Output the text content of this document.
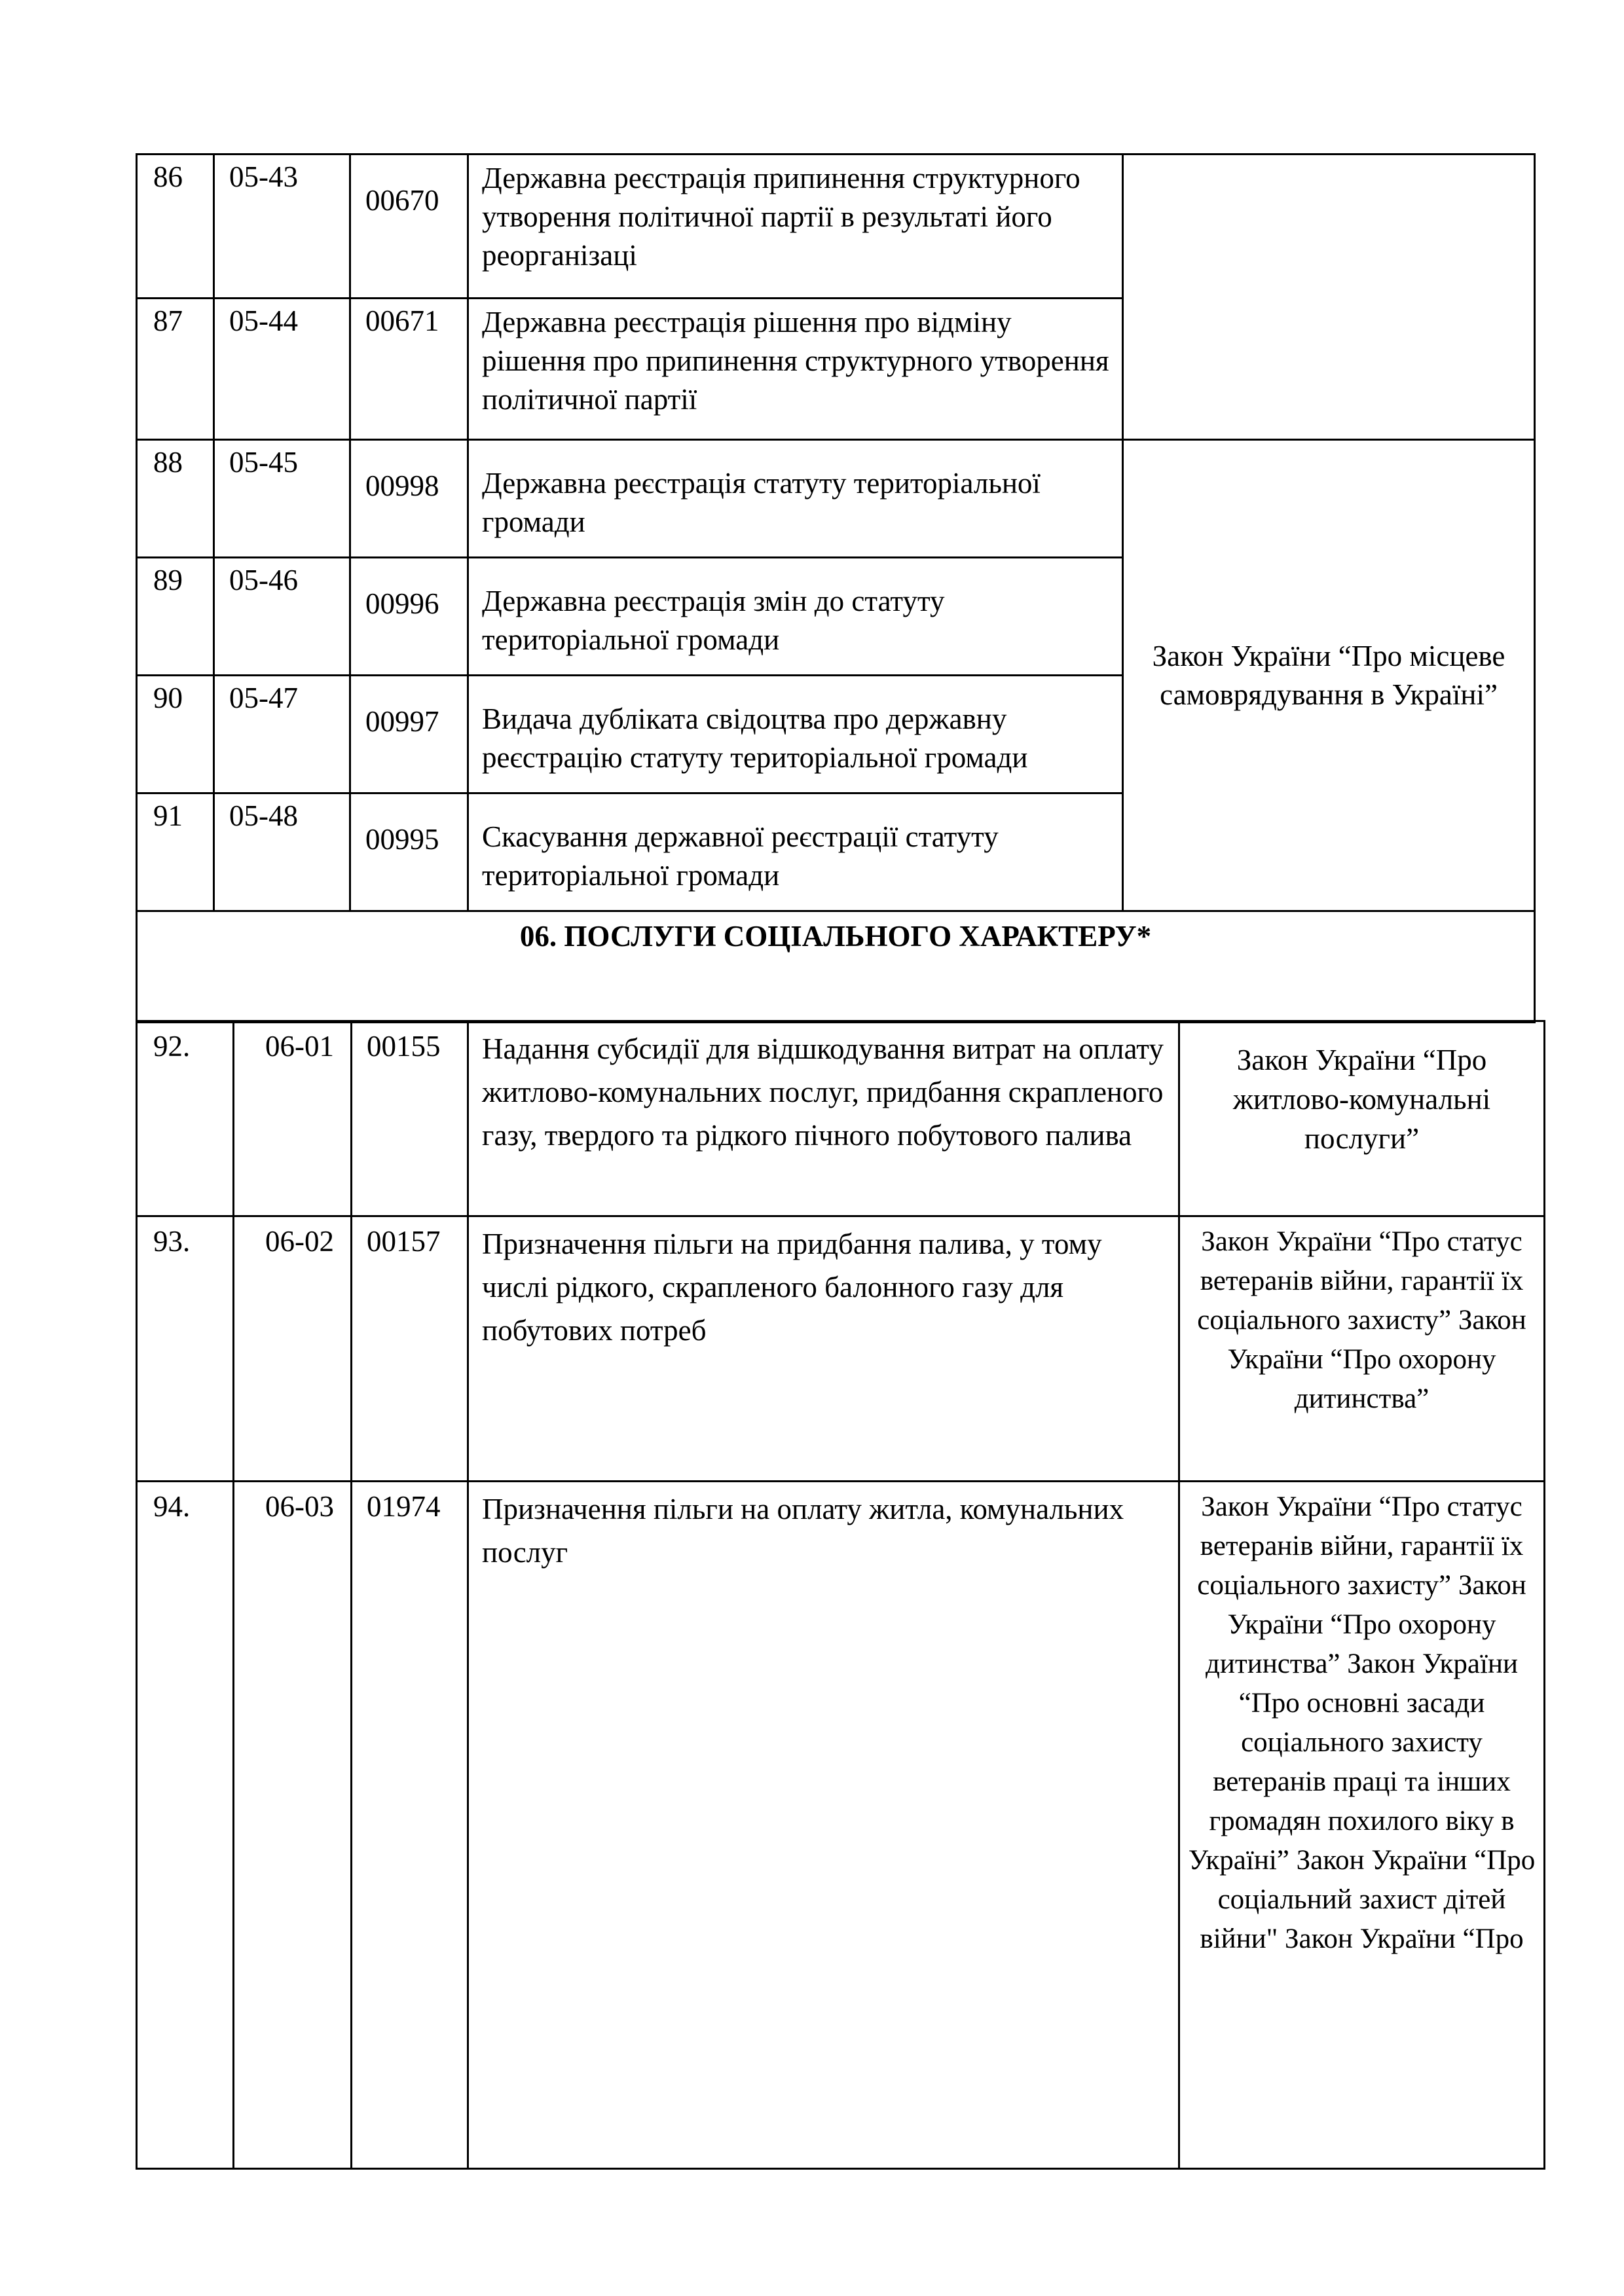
86	05-43	00670	Державна реєстрація припинення структурного утворення політичної партії в результаті його реорганізаці	
87	05-44	00671	Державна реєстрація рішення про відміну рішення про припинення структурного утворення політичної партії	
88	05-45	00998	Державна реєстрація статуту територіальної громади	Закон України “Про місцеве самоврядування в Україні”
89	05-46	00996	Державна реєстрація змін до статуту територіальної громади	
90	05-47	00997	Видача дубліката свідоцтва про державну реєстрацію статуту територіальної громади	
91	05-48	00995	Скасування державної реєстрації статуту територіальної громади	
06. ПОСЛУГИ СОЦІАЛЬНОГО ХАРАКТЕРУ*				
92.	06-01	00155	Надання субсидії для відшкодування витрат на оплату житлово-комунальних послуг, придбання скрапленого газу, твердого та рідкого пічного побутового палива	Закон України “Про житлово-комунальні послуги”
93.	06-02	00157	Призначення пільги на придбання палива, у тому числі рідкого, скрапленого балонного газу для побутових потреб	Закон України “Про статус ветеранів війни, гарантії їх соціального захисту” Закон України “Про охорону дитинства”
94.	06-03	01974	Призначення пільги на оплату житла, комунальних послуг	Закон України “Про статус ветеранів війни, гарантії їх соціального захисту” Закон України “Про охорону дитинства” Закон України “Про основні засади соціального захисту ветеранів праці та інших громадян похилого віку в Україні” Закон України “Про соціальний захист дітей війни" Закон України “Про
